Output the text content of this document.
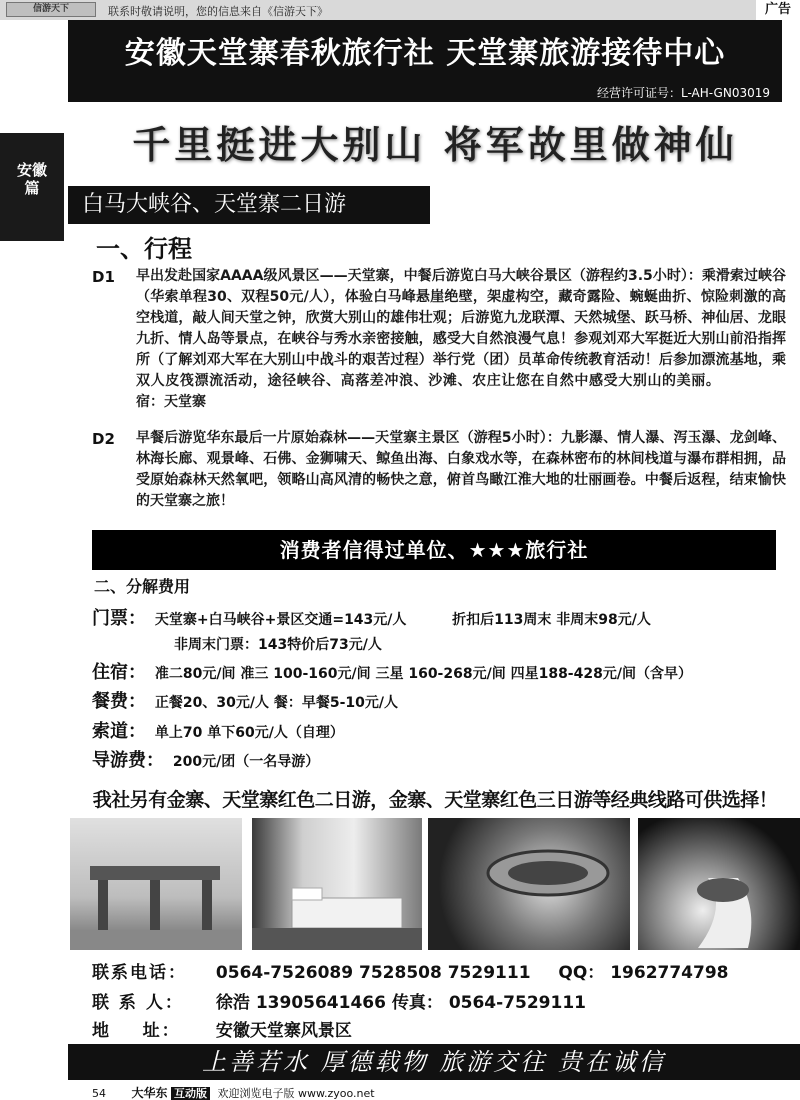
信游天下	联系时敬请说明，您的信息来自《信游天下》	广告
安徽
篇
安徽天堂寨春秋旅行社 天堂寨旅游接待中心
经营许可证号：L-AH-GN03019
千里挺进大别山 将军故里做神仙
白马大峡谷、天堂寨二日游
一、行程
D1 早出发赴国家AAAA级风景区——天堂寨，中餐后游览白马大峡谷景区（游程约3.5小时）：乘滑索过峡谷（华索单程30、双程50元/人），体验白马峰悬崖绝壁，架虚构空，藏奇露险、蜿蜒曲折、惊险刺激的高空栈道，敲人间天堂之钟，欣赏大别山的雄伟壮观；后游览九龙联潭、天然城堡、跃马桥、神仙居、龙眼九折、情人岛等景点，在峡谷与秀水亲密接触，感受大自然浪漫气息！参观刘邓大军挺近大别山前沿指挥所（了解刘邓大军在大别山中战斗的艰苦过程）举行党（团）员革命传统教育活动！后参加漂流基地，乘双人皮筏漂流活动，途径峡谷、高落差冲浪、沙滩、农庄让您在自然中感受大别山的美丽。  宿：天堂寨
D2 早餐后游览华东最后一片原始森林——天堂寨主景区（游程5小时）：九影瀑、情人瀑、泻玉瀑、龙剑峰、林海长廊、观景峰、石佛、金狮啸天、鲸鱼出海、白象戏水等，在森林密布的林间栈道与瀑布群相拥，品受原始森林天然氧吧，领略山高风清的畅快之意，俯首鸟瞰江淮大地的壮丽画卷。中餐后返程，结束愉快的天堂寨之旅！
消费者信得过单位、★★★旅行社
二、分解费用
门票： 天堂寨+白马峡谷+景区交通=143元/人	折扣后113周末 非周末98元/人
非周末门票：143特价后73元/人
住宿： 准二80元/间 准三 100-160元/间 三星 160-268元/间 四星188-428元/间（含早）
餐费： 正餐20、30元/人 餐：早餐5-10元/人
索道： 单上70 单下60元/人（自理）
导游费： 200元/团（一名导游）
我社另有金寨、天堂寨红色二日游，金寨、天堂寨红色三日游等经典线路可供选择！
联系电话： 0564-7526089 7528508 7529111 QQ： 1962774798
联 系 人： 徐浩 13905641466 传真： 0564-7529111
地    址： 安徽天堂寨风景区
上善若水 厚德载物 旅游交往 贵在诚信
54 大华东 互动版 欢迎浏览电子版 www.zyoo.net
